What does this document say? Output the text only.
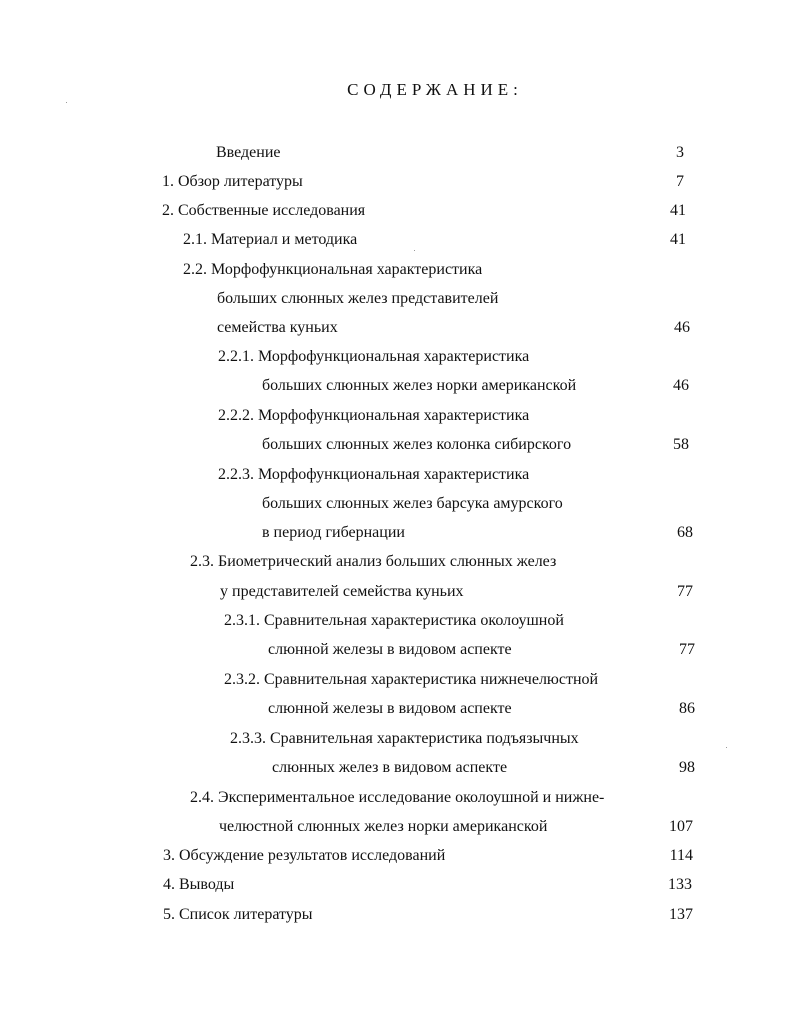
СОДЕРЖАНИЕ:
Введение	3
1. Обзор литературы	7
2. Собственные исследования	41
2.1. Материал и методика	41
2.2. Морфофункциональная характеристика
больших слюнных желез представителей
семейства куньих	46
2.2.1. Морфофункциональная характеристика
больших слюнных желез норки американской	46
2.2.2. Морфофункциональная характеристика
больших слюнных желез колонка сибирского	58
2.2.3. Морфофункциональная характеристика
больших слюнных желез барсука амурского
в период гибернации	68
2.3. Биометрический анализ больших слюнных желез
у представителей семейства куньих	77
2.3.1. Сравнительная характеристика околоушной
слюнной железы в видовом аспекте	77
2.3.2. Сравнительная характеристика нижнечелюстной
слюнной железы в видовом аспекте	86
2.3.3. Сравнительная характеристика подъязычных
слюнных желез в видовом аспекте	98
2.4. Экспериментальное исследование околоушной и нижне-
челюстной слюнных желез норки американской	107
3. Обсуждение результатов исследований	114
4. Выводы	133
5. Список литературы	137
